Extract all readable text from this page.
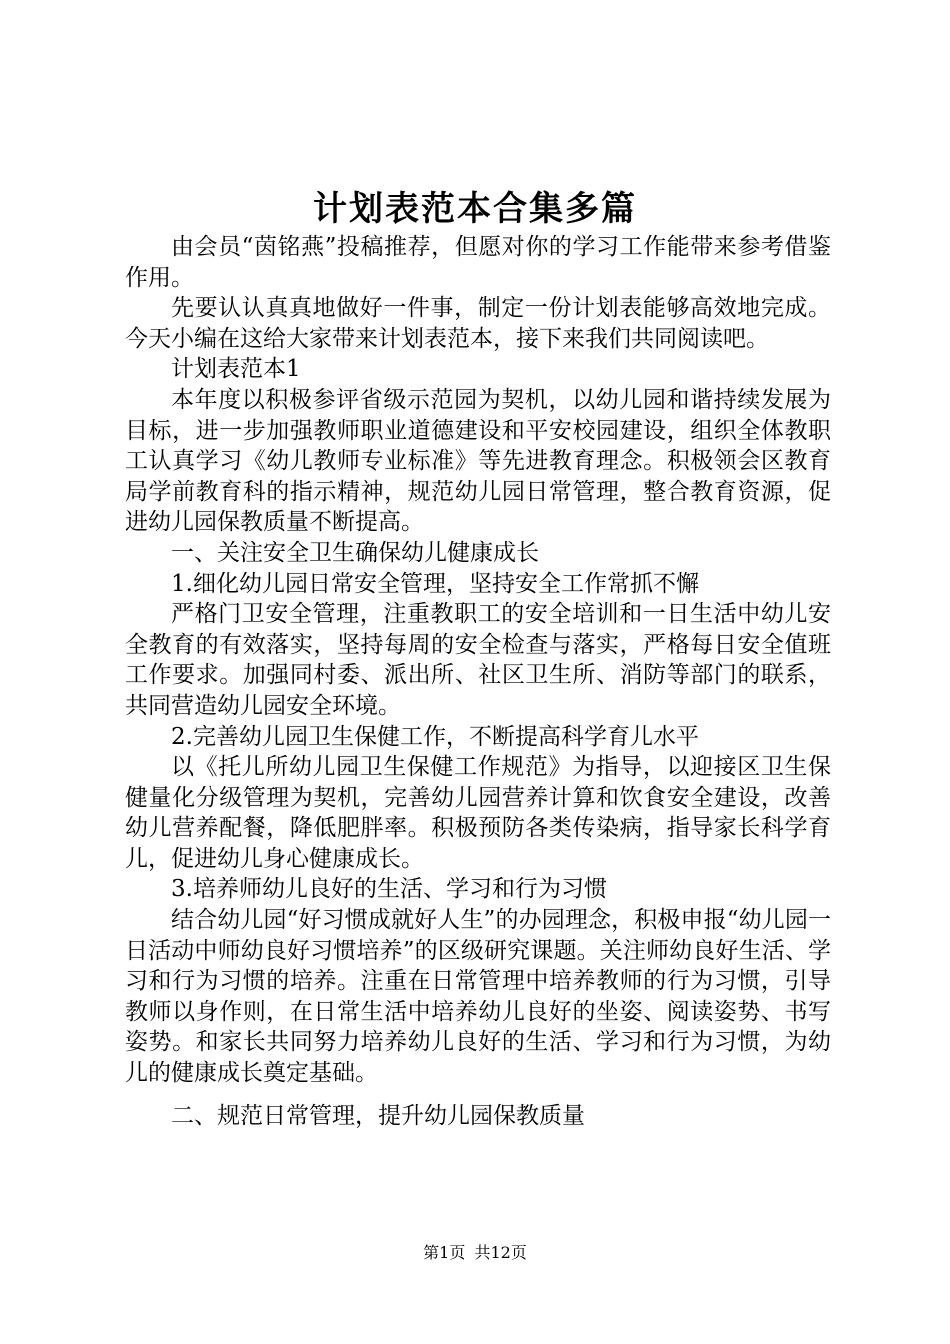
计划表范本合集多篇

由会员“茵铭燕”投稿推荐，但愿对你的学习工作能带来参考借鉴作用。

先要认认真真地做好一件事，制定一份计划表能够高效地完成。今天小编在这给大家带来计划表范本，接下来我们共同阅读吧。

计划表范本1

本年度以积极参评省级示范园为契机，以幼儿园和谐持续发展为目标，进一步加强教师职业道德建设和平安校园建设，组织全体教职工认真学习《幼儿教师专业标准》等先进教育理念。积极领会区教育局学前教育科的指示精神，规范幼儿园日常管理，整合教育资源，促进幼儿园保教质量不断提高。

一、关注安全卫生确保幼儿健康成长

1.细化幼儿园日常安全管理，坚持安全工作常抓不懈

严格门卫安全管理，注重教职工的安全培训和一日生活中幼儿安全教育的有效落实，坚持每周的安全检查与落实，严格每日安全值班工作要求。加强同村委、派出所、社区卫生所、消防等部门的联系，共同营造幼儿园安全环境。

2.完善幼儿园卫生保健工作，不断提高科学育儿水平

以《托儿所幼儿园卫生保健工作规范》为指导，以迎接区卫生保健量化分级管理为契机，完善幼儿园营养计算和饮食安全建设，改善幼儿营养配餐，降低肥胖率。积极预防各类传染病，指导家长科学育儿，促进幼儿身心健康成长。

3.培养师幼儿良好的生活、学习和行为习惯

结合幼儿园“好习惯成就好人生”的办园理念，积极申报“幼儿园一日活动中师幼良好习惯培养”的区级研究课题。关注师幼良好生活、学习和行为习惯的培养。注重在日常管理中培养教师的行为习惯，引导教师以身作则，在日常生活中培养幼儿良好的坐姿、阅读姿势、书写姿势。和家长共同努力培养幼儿良好的生活、学习和行为习惯，为幼儿的健康成长奠定基础。

二、规范日常管理，提升幼儿园保教质量

第1页 共12页
